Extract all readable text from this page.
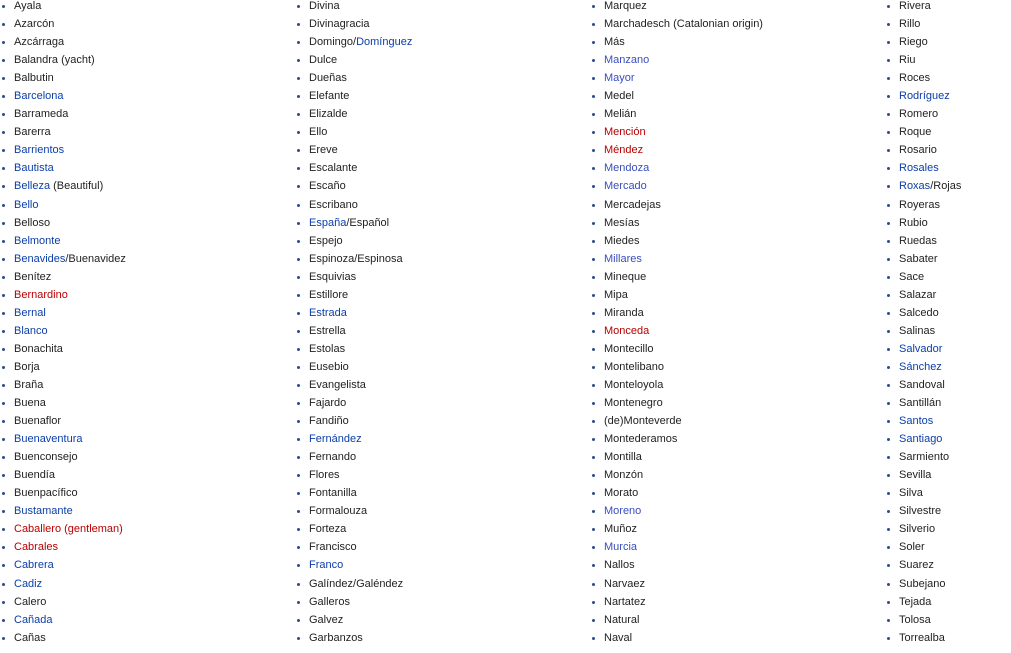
Ayala
Azarcón
Azcárraga
Balandra (yacht)
Balbutin
Barcelona
Barrameda
Barerra
Barrientos
Bautista
Belleza (Beautiful)
Bello
Belloso
Belmonte
Benavides/Buenavidez
Benítez
Bernardino
Bernal
Blanco
Bonachita
Borja
Braña
Buena
Buenaflor
Buenaventura
Buenconsejo
Buendía
Buenpacífico
Bustamante
Caballero (gentleman)
Cabrales
Cabrera
Cadiz
Calero
Cañada
Cañas
Divina
Divinagracia
Domingo/Domínguez
Dulce
Dueñas
Elefante
Elizalde
Ello
Ereve
Escalante
Escaño
Escribano
España/Español
Espejo
Espinoza/Espinosa
Esquivias
Estillore
Estrada
Estrella
Estolas
Eusebio
Evangelista
Fajardo
Fandiño
Fernández
Fernando
Flores
Fontanilla
Formalouza
Forteza
Francisco
Franco
Galíndez/Galéndez
Galleros
Galvez
Garbanzos
Marquez
Marchadesch (Catalonian origin)
Más
Manzano
Mayor
Medel
Melián
Mención
Méndez
Mendoza
Mercado
Mercadejas
Mesías
Miedes
Millares
Mineque
Mipa
Miranda
Monceda
Montecillo
Montelibano
Monteloyola
Montenegro
(de)Monteverde
Montederamos
Montilla
Monzón
Morato
Moreno
Muñoz
Murcia
Nallos
Narvaez
Nartatez
Natural
Naval
Rivera
Rillo
Riego
Riu
Roces
Rodríguez
Romero
Roque
Rosario
Rosales
Roxas/Rojas
Royeras
Rubio
Ruedas
Sabater
Sace
Salazar
Salcedo
Salinas
Salvador
Sánchez
Sandoval
Santillán
Santos
Santiago
Sarmiento
Sevilla
Silva
Silvestre
Silverio
Soler
Suarez
Subejano
Tejada
Tolosa
Torrealba
